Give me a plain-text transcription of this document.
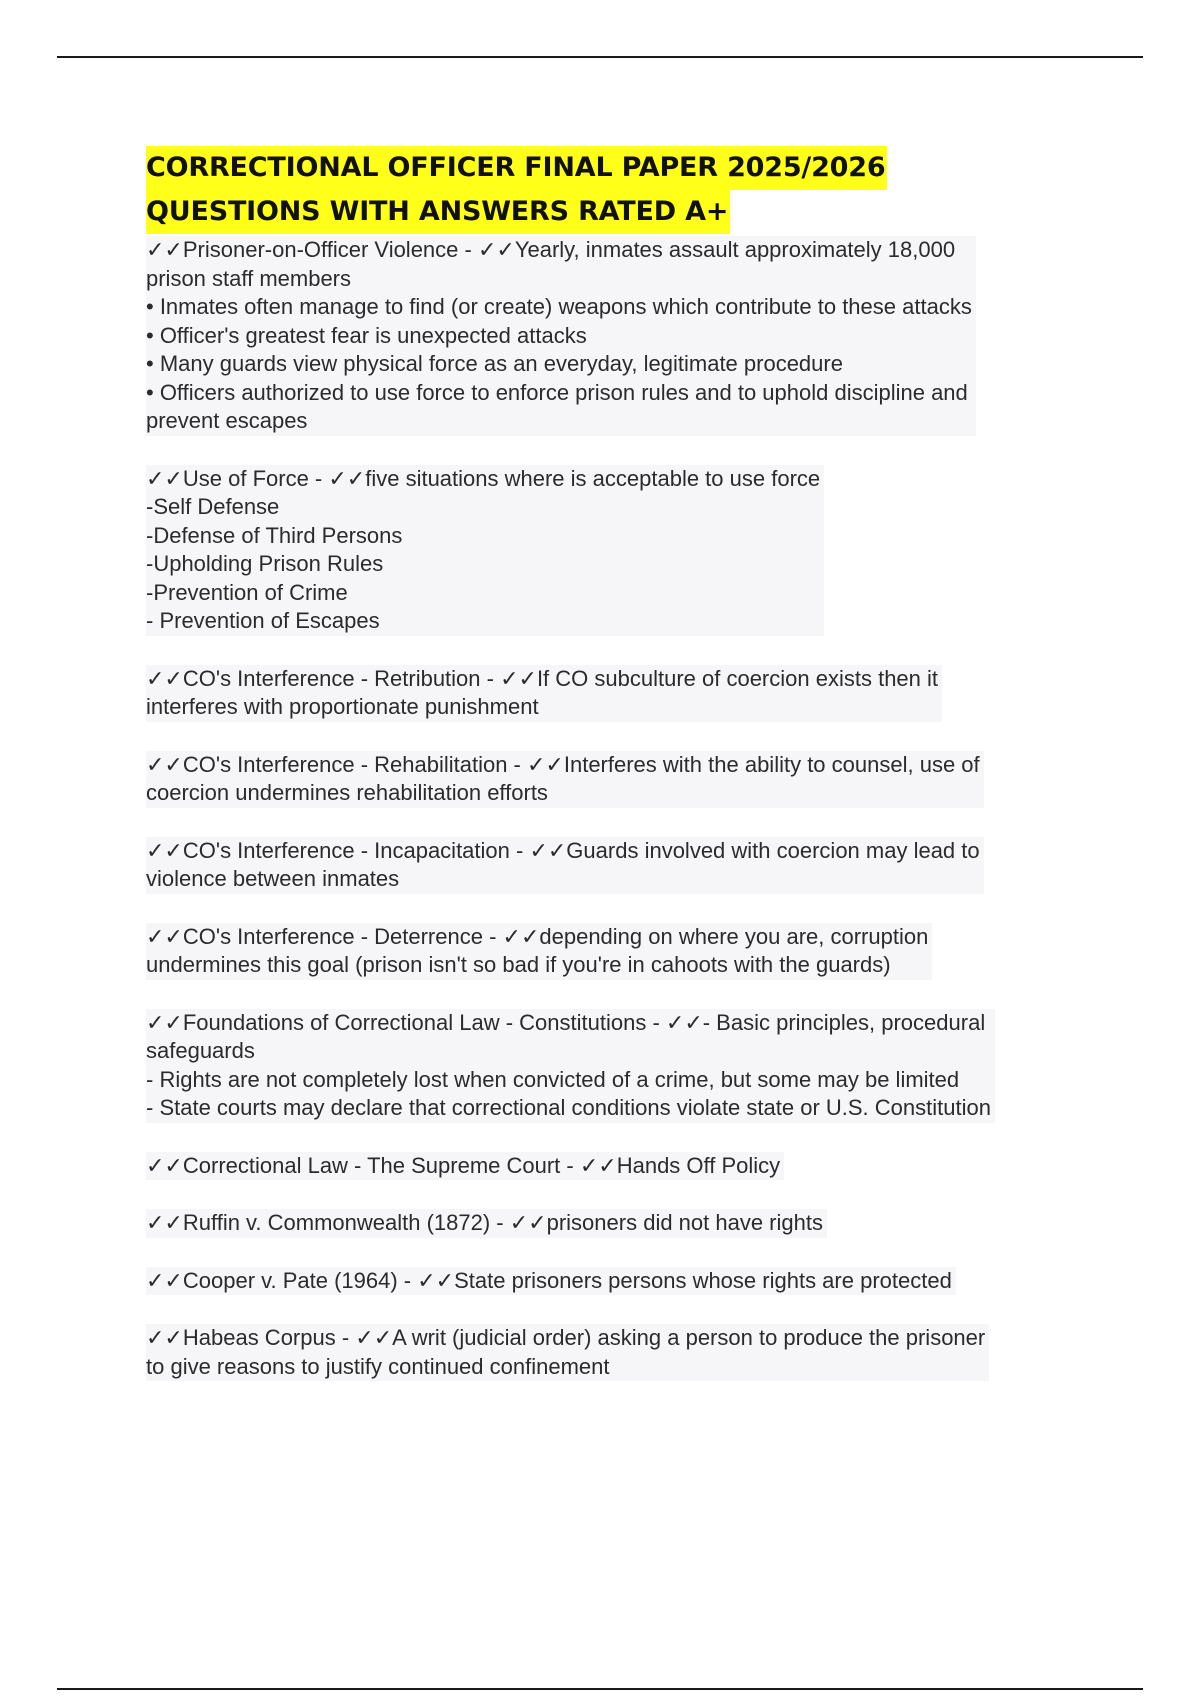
CORRECTIONAL OFFICER FINAL PAPER 2025/2026
QUESTIONS WITH ANSWERS RATED A+

✓✓Prisoner-on-Officer Violence - ✓✓Yearly, inmates assault approximately 18,000
prison staff members
• Inmates often manage to find (or create) weapons which contribute to these attacks
• Officer's greatest fear is unexpected attacks
• Many guards view physical force as an everyday, legitimate procedure
• Officers authorized to use force to enforce prison rules and to uphold discipline and
prevent escapes

✓✓Use of Force - ✓✓five situations where is acceptable to use force
-Self Defense
-Defense of Third Persons
-Upholding Prison Rules
-Prevention of Crime
- Prevention of Escapes

✓✓CO's Interference - Retribution - ✓✓If CO subculture of coercion exists then it
interferes with proportionate punishment

✓✓CO's Interference - Rehabilitation - ✓✓Interferes with the ability to counsel, use of
coercion undermines rehabilitation efforts

✓✓CO's Interference - Incapacitation - ✓✓Guards involved with coercion may lead to
violence between inmates

✓✓CO's Interference - Deterrence - ✓✓depending on where you are, corruption
undermines this goal (prison isn't so bad if you're in cahoots with the guards)

✓✓Foundations of Correctional Law - Constitutions - ✓✓- Basic principles, procedural
safeguards
- Rights are not completely lost when convicted of a crime, but some may be limited
- State courts may declare that correctional conditions violate state or U.S. Constitution

✓✓Correctional Law - The Supreme Court - ✓✓Hands Off Policy

✓✓Ruffin v. Commonwealth (1872) - ✓✓prisoners did not have rights

✓✓Cooper v. Pate (1964) - ✓✓State prisoners persons whose rights are protected

✓✓Habeas Corpus - ✓✓A writ (judicial order) asking a person to produce the prisoner
to give reasons to justify continued confinement
